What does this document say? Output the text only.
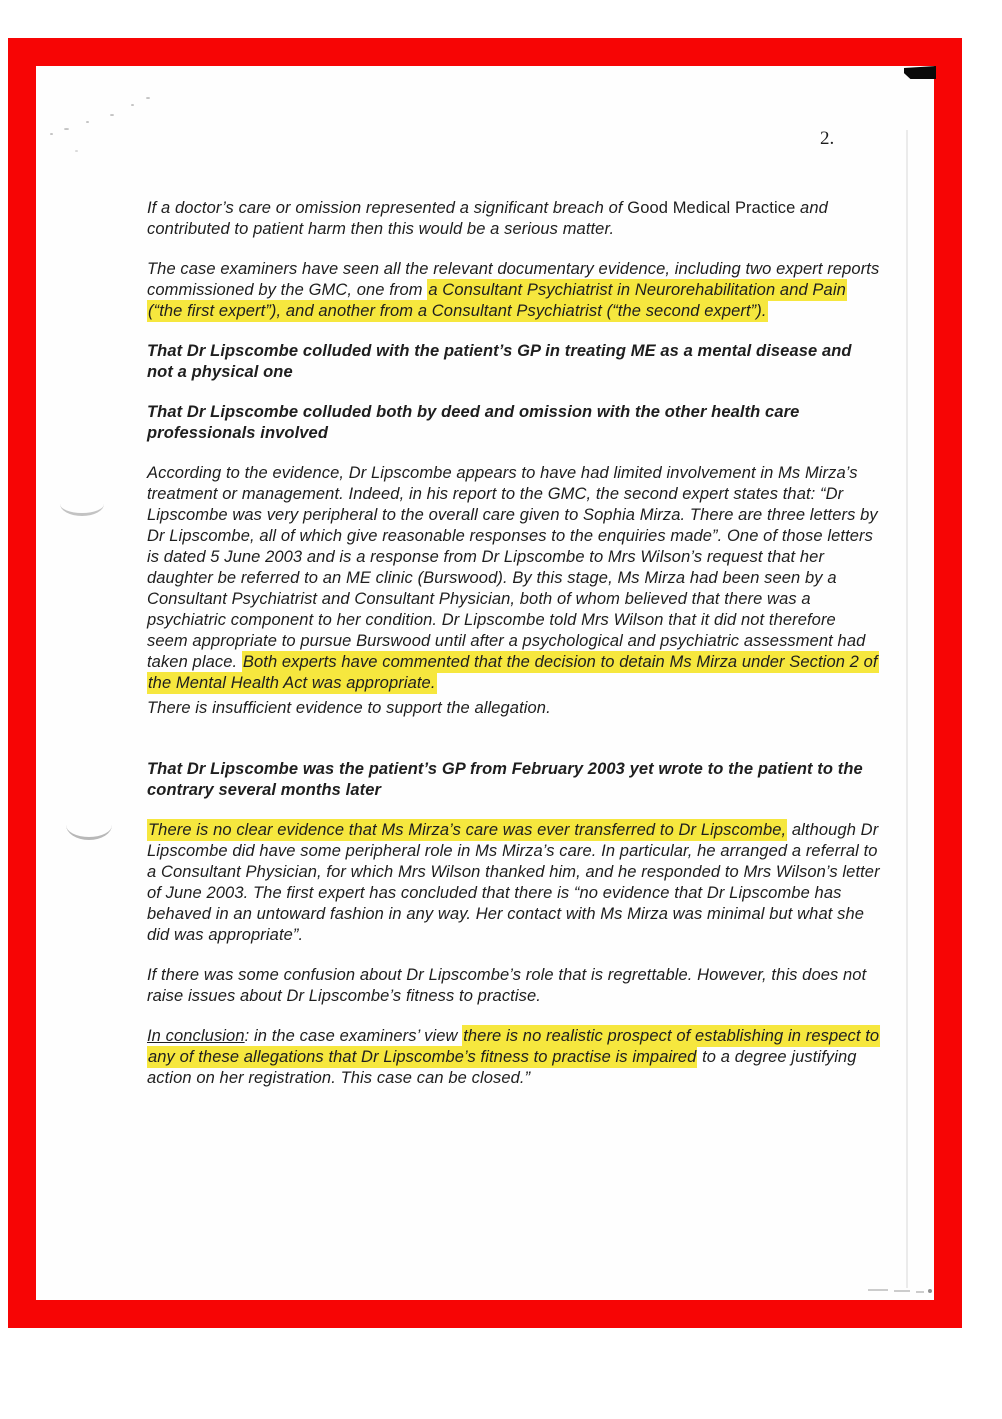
2.
If a doctor’s care or omission represented a significant breach of Good Medical Practice and contributed to patient harm then this would be a serious matter.
The case examiners have seen all the relevant documentary evidence, including two expert reports commissioned by the GMC, one from a Consultant Psychiatrist in Neurorehabilitation and Pain (“the first expert”), and another from a Consultant Psychiatrist (“the second expert”).
That Dr Lipscombe colluded with the patient’s GP in treating ME as a mental disease and not a physical one
That Dr Lipscombe colluded both by deed and omission with the other health care professionals involved
According to the evidence, Dr Lipscombe appears to have had limited involvement in Ms Mirza’s treatment or management. Indeed, in his report to the GMC, the second expert states that: “Dr Lipscombe was very peripheral to the overall care given to Sophia Mirza. There are three letters by Dr Lipscombe, all of which give reasonable responses to the enquiries made”. One of those letters is dated 5 June 2003 and is a response from Dr Lipscombe to Mrs Wilson’s request that her daughter be referred to an ME clinic (Burswood). By this stage, Ms Mirza had been seen by a Consultant Psychiatrist and Consultant Physician, both of whom believed that there was a psychiatric component to her condition. Dr Lipscombe told Mrs Wilson that it did not therefore seem appropriate to pursue Burswood until after a psychological and psychiatric assessment had taken place. Both experts have commented that the decision to detain Ms Mirza under Section 2 of the Mental Health Act was appropriate.
There is insufficient evidence to support the allegation.
That Dr Lipscombe was the patient’s GP from February 2003 yet wrote to the patient to the contrary several months later
There is no clear evidence that Ms Mirza’s care was ever transferred to Dr Lipscombe, although Dr Lipscombe did have some peripheral role in Ms Mirza’s care. In particular, he arranged a referral to a Consultant Physician, for which Mrs Wilson thanked him, and he responded to Mrs Wilson’s letter of June 2003. The first expert has concluded that there is “no evidence that Dr Lipscombe has behaved in an untoward fashion in any way. Her contact with Ms Mirza was minimal but what she did was appropriate”.
If there was some confusion about Dr Lipscombe’s role that is regrettable. However, this does not raise issues about Dr Lipscombe’s fitness to practise.
In conclusion: in the case examiners’ view there is no realistic prospect of establishing in respect to any of these allegations that Dr Lipscombe’s fitness to practise is impaired to a degree justifying action on her registration. This case can be closed.”
